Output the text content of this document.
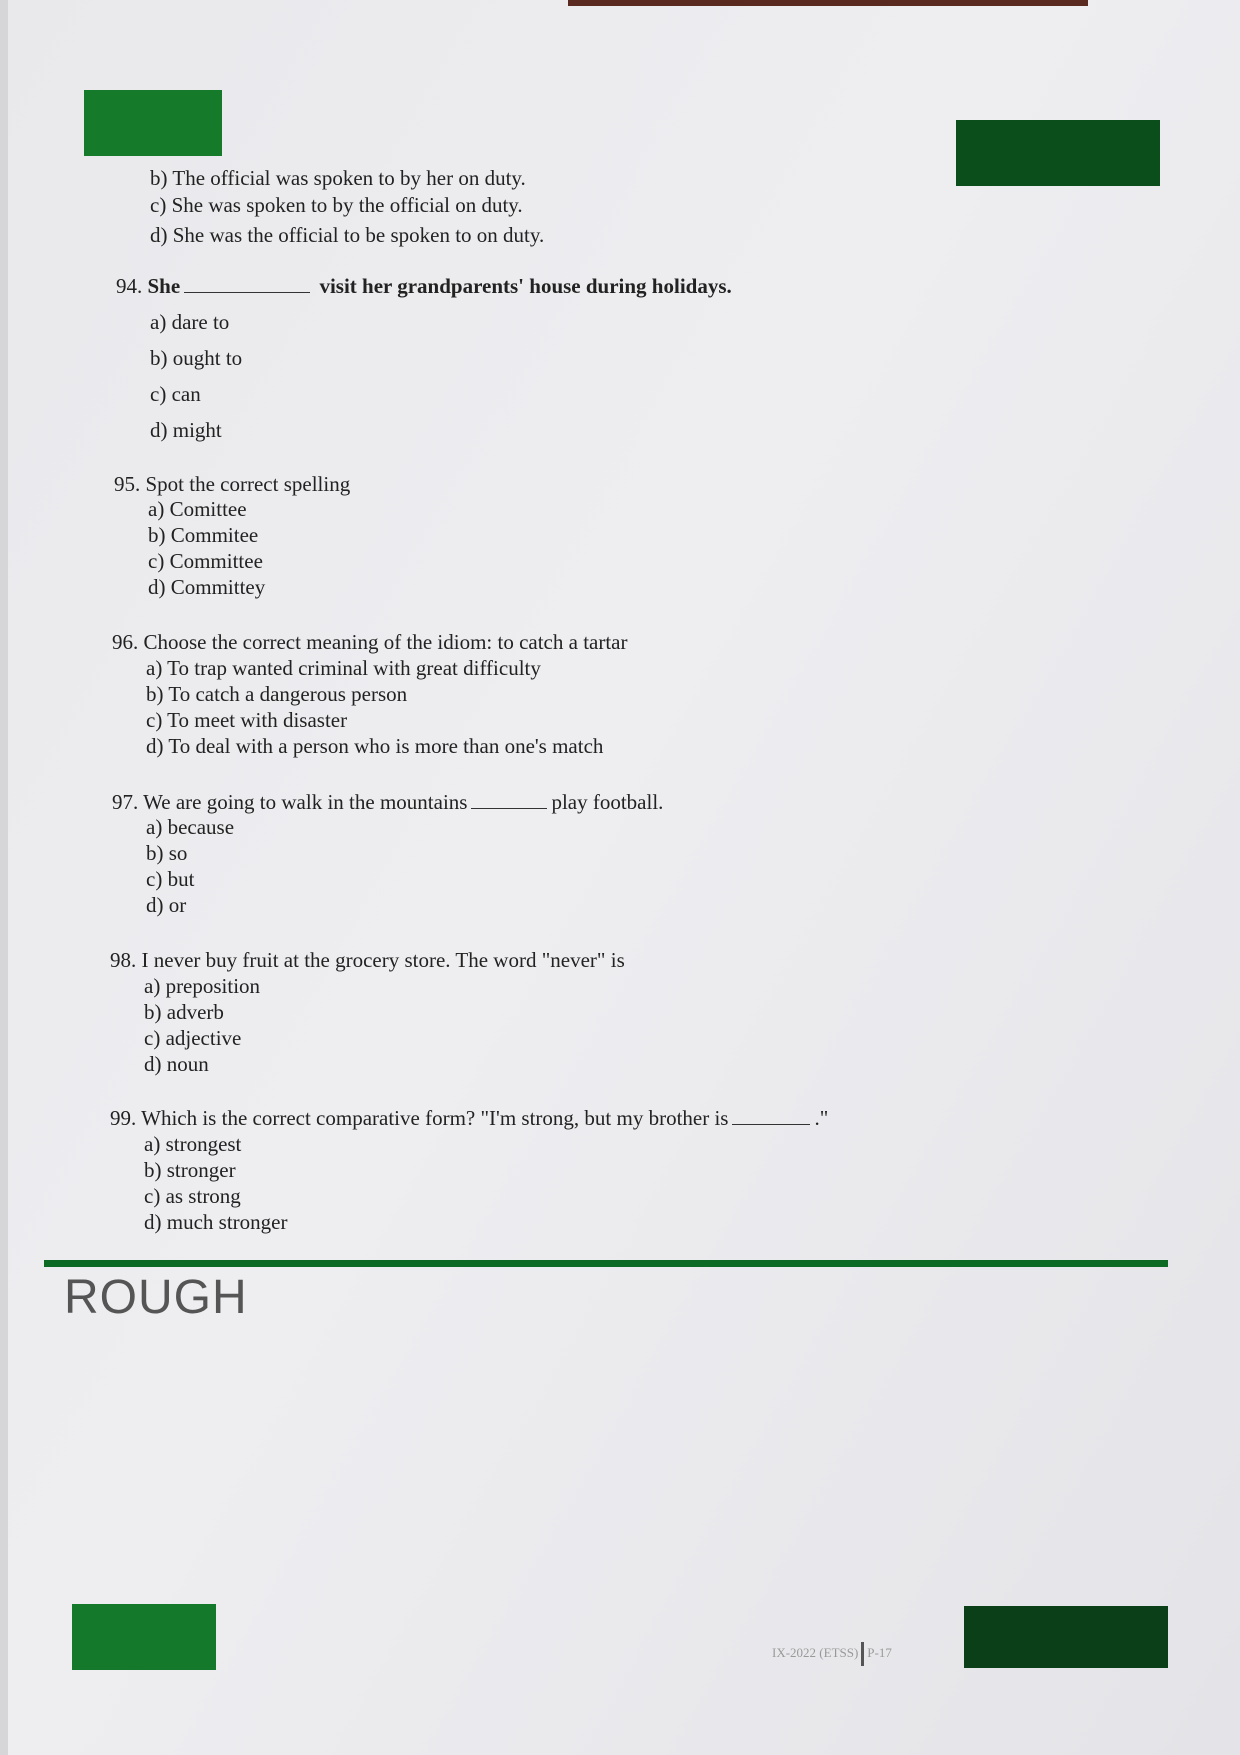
b) The official was spoken to by her on duty.
c) She was spoken to by the official on duty.
d) She was the official to be spoken to on duty.
94. She	visit her grandparents' house during holidays.
a) dare to
b) ought to
c) can
d) might
95. Spot the correct spelling
a) Comittee
b) Commitee
c) Committee
d) Committey
96. Choose the correct meaning of the idiom: to catch a tartar
a) To trap wanted criminal with great difficulty
b) To catch a dangerous person
c) To meet with disaster
d) To deal with a person who is more than one's match
97. We are going to walk in the mountains	play football.
a) because
b) so
c) but
d) or
98. I never buy fruit at the grocery store. The word "never" is
a) preposition
b) adverb
c) adjective
d) noun
99. Which is the correct comparative form? "I'm strong, but my brother is	."
a) strongest
b) stronger
c) as strong
d) much stronger
ROUGH
IX-2022 (ETSS) P-17
